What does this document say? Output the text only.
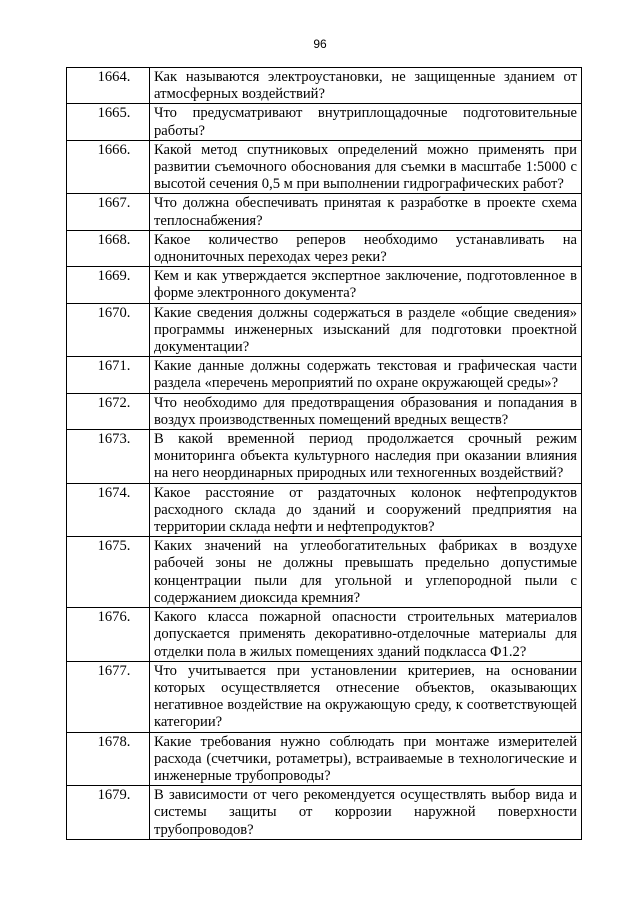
96
1664.	Как называются электроустановки, не защищенные зданием от атмосферных воздействий?
1665.	Что предусматривают внутриплощадочные подготовительные работы?
1666.	Какой метод спутниковых определений можно применять при развитии съемочного обоснования для съемки в масштабе 1:5000 с высотой сечения 0,5 м при выполнении гидрографических работ?
1667.	Что должна обеспечивать принятая к разработке в проекте схема теплоснабжения?
1668.	Какое количество реперов необходимо устанавливать на однониточных переходах через реки?
1669.	Кем и как утверждается экспертное заключение, подготовленное в форме электронного документа?
1670.	Какие сведения должны содержаться в разделе «общие сведения» программы инженерных изысканий для подготовки проектной документации?
1671.	Какие данные должны содержать текстовая и графическая части раздела «перечень мероприятий по охране окружающей среды»?
1672.	Что необходимо для предотвращения образования и попадания в воздух производственных помещений вредных веществ?
1673.	В какой временной период продолжается срочный режим мониторинга объекта культурного наследия при оказании влияния на него неординарных природных или техногенных воздействий?
1674.	Какое расстояние от раздаточных колонок нефтепродуктов расходного склада до зданий и сооружений предприятия на территории склада нефти и нефтепродуктов?
1675.	Каких значений на углеобогатительных фабриках в воздухе рабочей зоны не должны превышать предельно допустимые концентрации пыли для угольной и углепородной пыли с содержанием диоксида кремния?
1676.	Какого класса пожарной опасности строительных материалов допускается применять декоративно-отделочные материалы для отделки пола в жилых помещениях зданий подкласса Ф1.2?
1677.	Что учитывается при установлении критериев, на основании которых осуществляется отнесение объектов, оказывающих негативное воздействие на окружающую среду, к соответствующей категории?
1678.	Какие требования нужно соблюдать при монтаже измерителей расхода (счетчики, ротаметры), встраиваемые в технологические и инженерные трубопроводы?
1679.	В зависимости от чего рекомендуется осуществлять выбор вида и системы защиты от коррозии наружной поверхности трубопроводов?
